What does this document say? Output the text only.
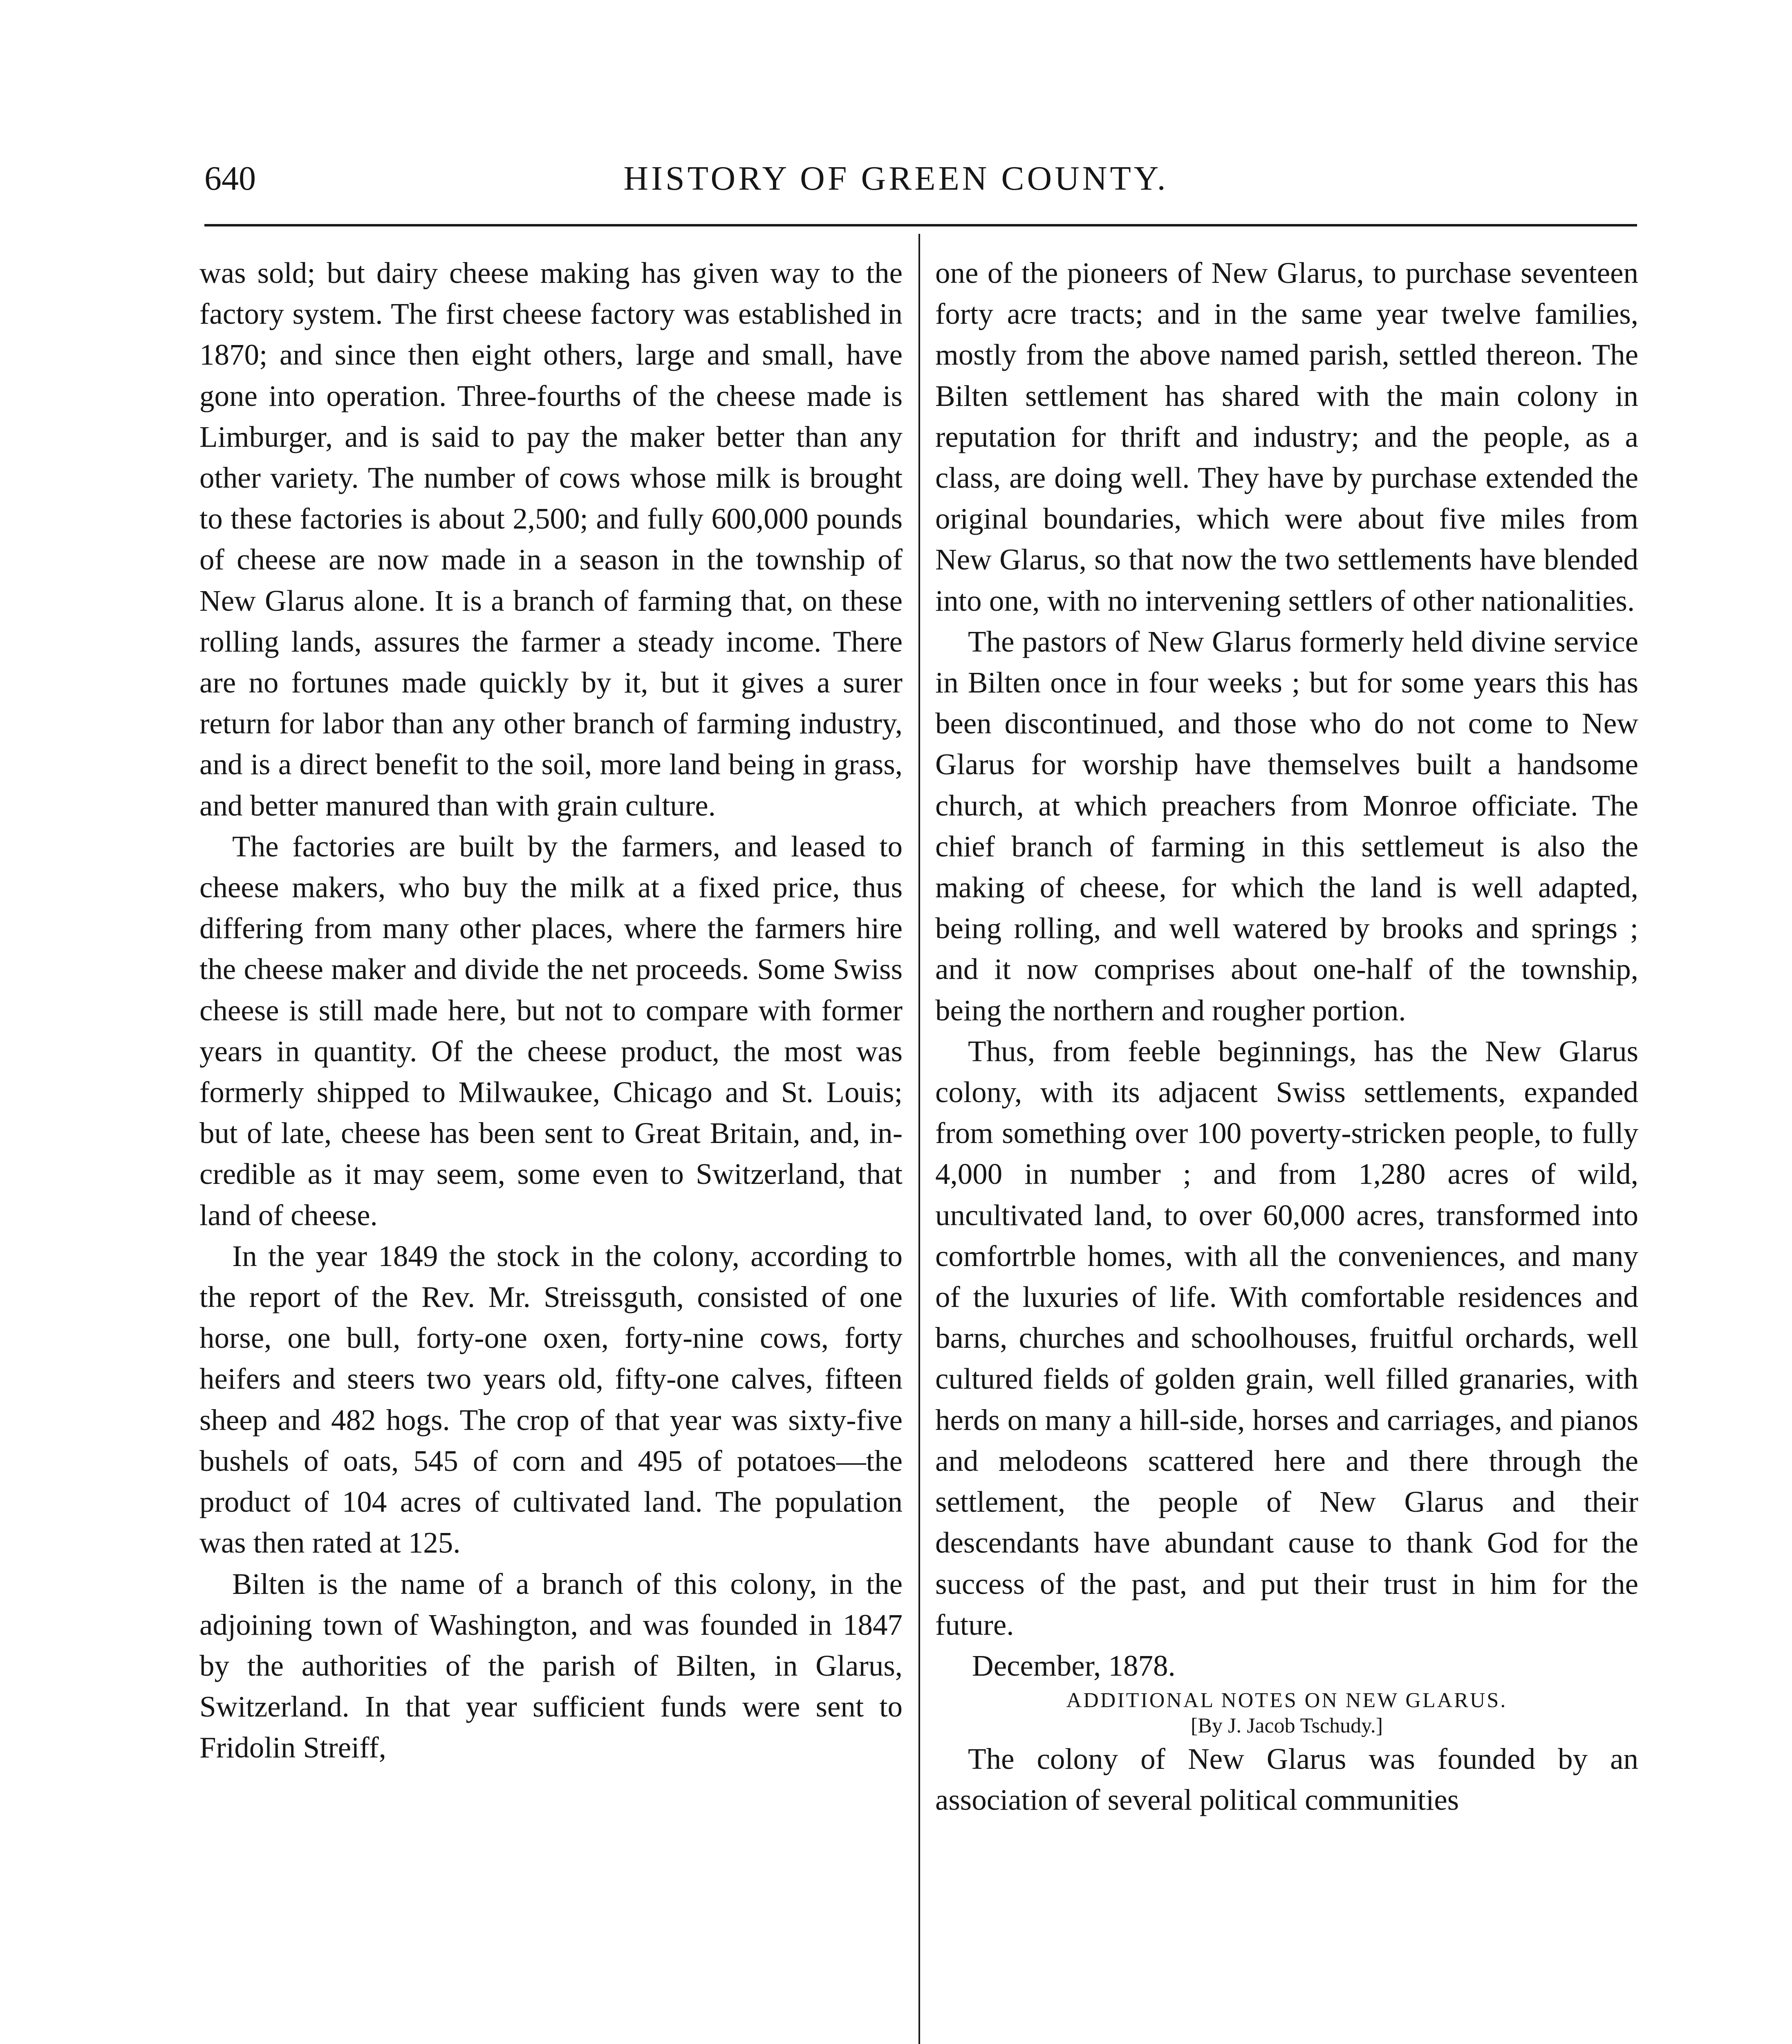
640	HISTORY OF GREEN COUNTY.

was sold; but dairy cheese making has given way to the factory system. The first cheese factory was established in 1870; and since then eight others, large and small, have gone into operation. Three-fourths of the cheese made is Limburger, and is said to pay the maker better than any other variety. The number of cows whose milk is brought to these factories is about 2,500; and fully 600,000 pounds of cheese are now made in a season in the township of New Glarus alone. It is a branch of farming that, on these rolling lands, assures the farmer a steady income. There are no fortunes made quickly by it, but it gives a surer return for labor than any other branch of farming industry, and is a direct benefit to the soil, more land being in grass, and better manured than with grain culture.

The factories are built by the farmers, and leased to cheese makers, who buy the milk at a fixed price, thus differing from many other places, where the farmers hire the cheese maker and divide the net proceeds. Some Swiss cheese is still made here, but not to compare with former years in quantity. Of the cheese product, the most was formerly shipped to Milwaukee, Chicago and St. Louis; but of late, cheese has been sent to Great Britain, and, incredible as it may seem, some even to Switzerland, that land of cheese.

In the year 1849 the stock in the colony, according to the report of the Rev. Mr. Streissguth, consisted of one horse, one bull, forty-one oxen, forty-nine cows, forty heifers and steers two years old, fifty-one calves, fifteen sheep and 482 hogs. The crop of that year was sixty-five bushels of oats, 545 of corn and 495 of potatoes—the product of 104 acres of cultivated land. The population was then rated at 125.

Bilten is the name of a branch of this colony, in the adjoining town of Washington, and was founded in 1847 by the authorities of the parish of Bilten, in Glarus, Switzerland. In that year sufficient funds were sent to Fridolin Streiff,

one of the pioneers of New Glarus, to purchase seventeen forty acre tracts; and in the same year twelve families, mostly from the above named parish, settled thereon. The Bilten settlement has shared with the main colony in reputation for thrift and industry; and the people, as a class, are doing well. They have by purchase extended the original boundaries, which were about five miles from New Glarus, so that now the two settlements have blended into one, with no intervening settlers of other nationalities.

The pastors of New Glarus formerly held divine service in Bilten once in four weeks ; but for some years this has been discontinued, and those who do not come to New Glarus for worship have themselves built a handsome church, at which preachers from Monroe officiate. The chief branch of farming in this settlemeut is also the making of cheese, for which the land is well adapted, being rolling, and well watered by brooks and springs ; and it now comprises about one-half of the township, being the northern and rougher portion.

Thus, from feeble beginnings, has the New Glarus colony, with its adjacent Swiss settlements, expanded from something over 100 poverty-stricken people, to fully 4,000 in number ; and from 1,280 acres of wild, uncultivated land, to over 60,000 acres, transformed into comfortrble homes, with all the conveniences, and many of the luxuries of life. With comfortable residences and barns, churches and schoolhouses, fruitful orchards, well cultured fields of golden grain, well filled granaries, with herds on many a hill-side, horses and carriages, and pianos and melodeons scattered here and there through the settlement, the people of New Glarus and their descendants have abundant cause to thank God for the success of the past, and put their trust in him for the future.

December, 1878.

ADDITIONAL NOTES ON NEW GLARUS.

[By J. Jacob Tschudy.]

The colony of New Glarus was founded by an association of several political communities
